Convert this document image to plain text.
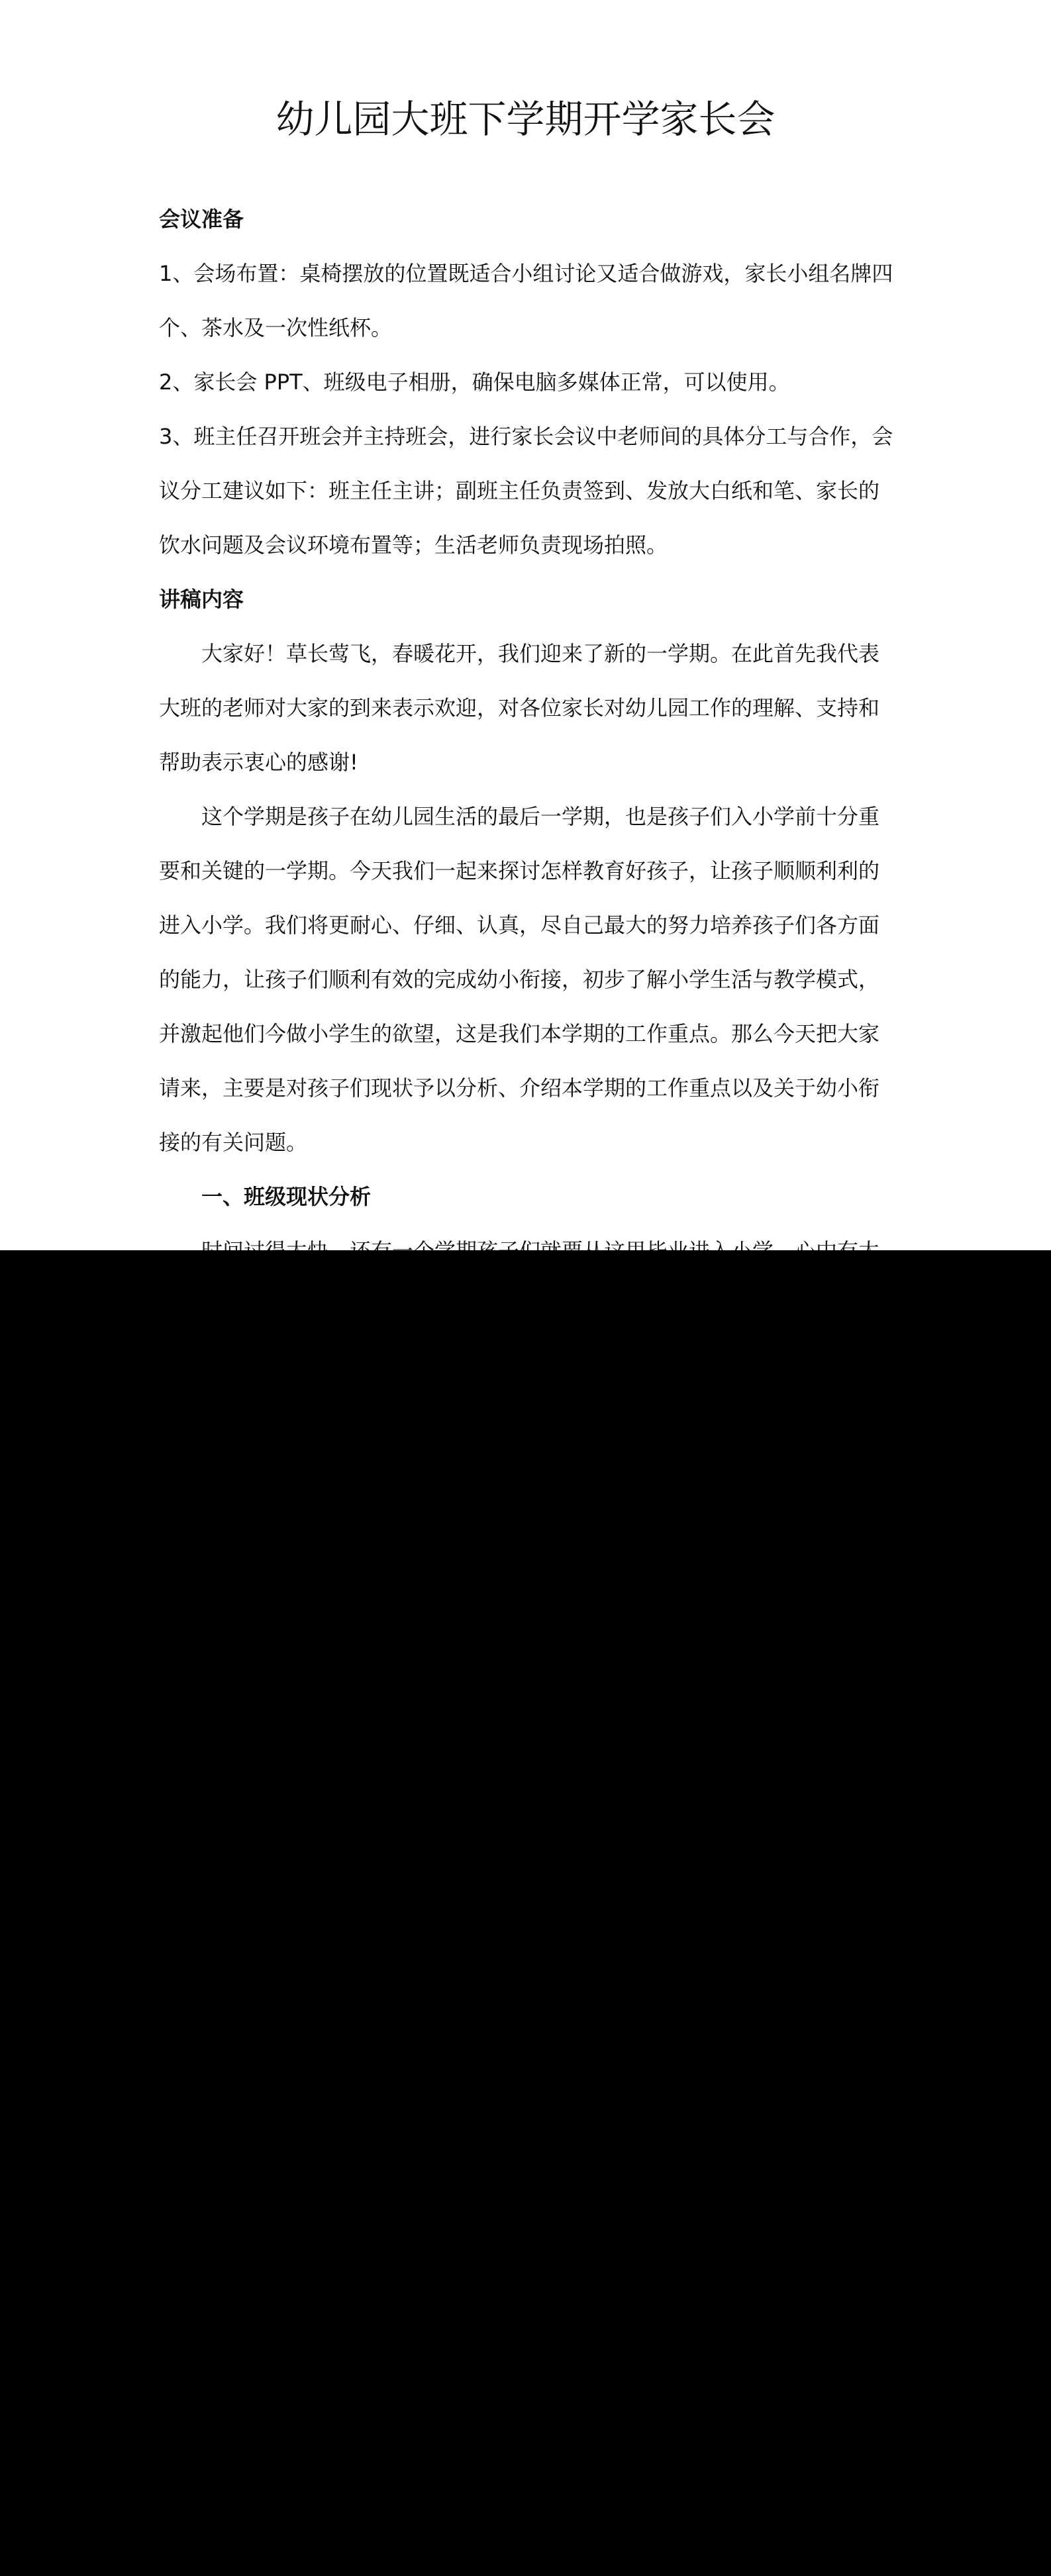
幼儿园大班下学期开学家长会

会议准备

1、会场布置：桌椅摆放的位置既适合小组讨论又适合做游戏，家长小组名牌四个、茶水及一次性纸杯。

2、家长会 PPT、班级电子相册，确保电脑多媒体正常，可以使用。

3、班主任召开班会并主持班会，进行家长会议中老师间的具体分工与合作，会议分工建议如下：班主任主讲；副班主任负责签到、发放大白纸和笔、家长的饮水问题及会议环境布置等；生活老师负责现场拍照。

讲稿内容

大家好！草长莺飞，春暖花开，我们迎来了新的一学期。在此首先我代表大班的老师对大家的到来表示欢迎，对各位家长对幼儿园工作的理解、支持和帮助表示衷心的感谢!

这个学期是孩子在幼儿园生活的最后一学期，也是孩子们入小学前十分重要和关键的一学期。今天我们一起来探讨怎样教育好孩子，让孩子顺顺利利的进入小学。我们将更耐心、仔细、认真，尽自己最大的努力培养孩子们各方面的能力，让孩子们顺利有效的完成幼小衔接，初步了解小学生活与教学模式， 并激起他们今做小学生的欲望，这是我们本学期的工作重点。那么今天把大家请来，主要是对孩子们现状予以分析、介绍本学期的工作重点以及关于幼小衔接的有关问题。

一、班级现状分析
